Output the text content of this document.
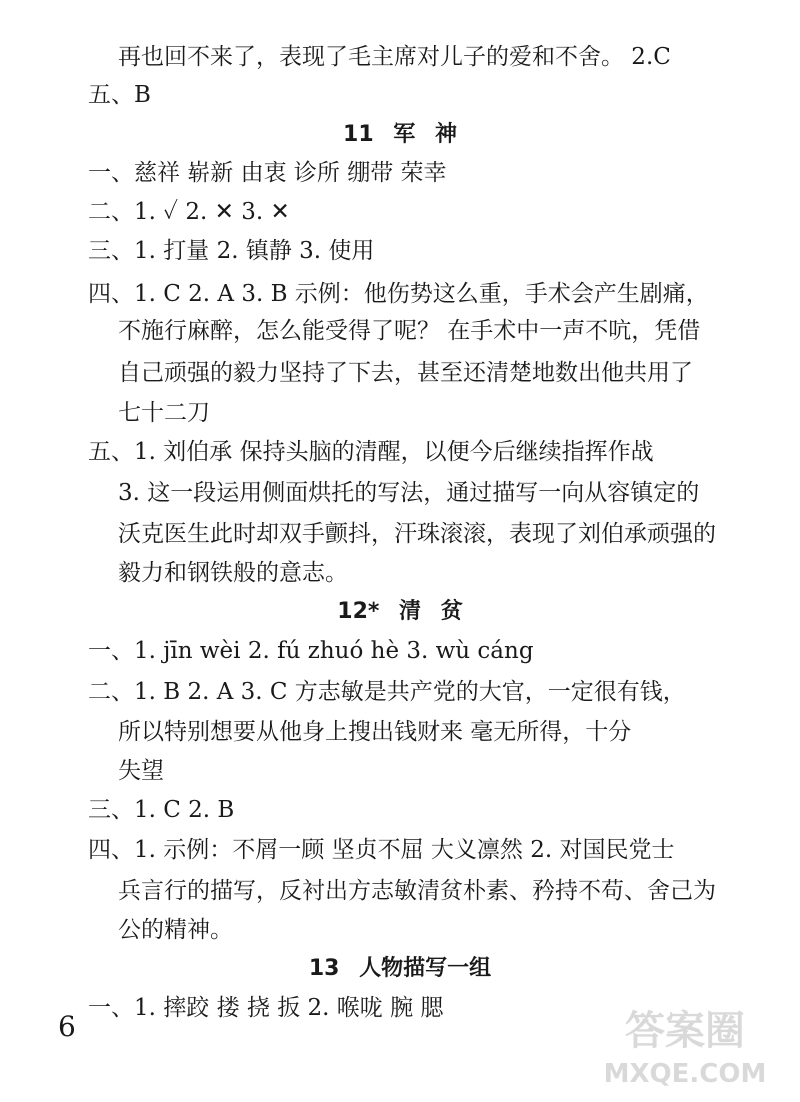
再也回不来了，表现了毛主席对儿子的爱和不舍。 2.C
五、B
11 军 神
一、慈祥 崭新 由衷 诊所 绷带 荣幸
二、1. ✓ 2. ✕ 3. ✕
三、1. 打量 2. 镇静 3. 使用
四、1. C 2. A 3. B 示例：他伤势这么重，手术会产生剧痛，
不施行麻醉，怎么能受得了呢？ 在手术中一声不吭，凭借
自己顽强的毅力坚持了下去，甚至还清楚地数出他共用了
七十二刀
五、1. 刘伯承 保持头脑的清醒，以便今后继续指挥作战
3. 这一段运用侧面烘托的写法，通过描写一向从容镇定的
沃克医生此时却双手颤抖，汗珠滚滚，表现了刘伯承顽强的
毅力和钢铁般的意志。
12* 清 贫
一、1. jīn wèi 2. fú zhuó hè 3. wù cáng
二、1. B 2. A 3. C 方志敏是共产党的大官，一定很有钱，
所以特别想要从他身上搜出钱财来 毫无所得，十分
失望
三、1. C 2. B
四、1. 示例：不屑一顾 坚贞不屈 大义凛然 2. 对国民党士
兵言行的描写，反衬出方志敏清贫朴素、矜持不苟、舍己为
公的精神。
13 人物描写一组
一、1. 摔跤 搂 挠 扳 2. 喉咙 腕 腮
6	答案圈
MXQE.COM
